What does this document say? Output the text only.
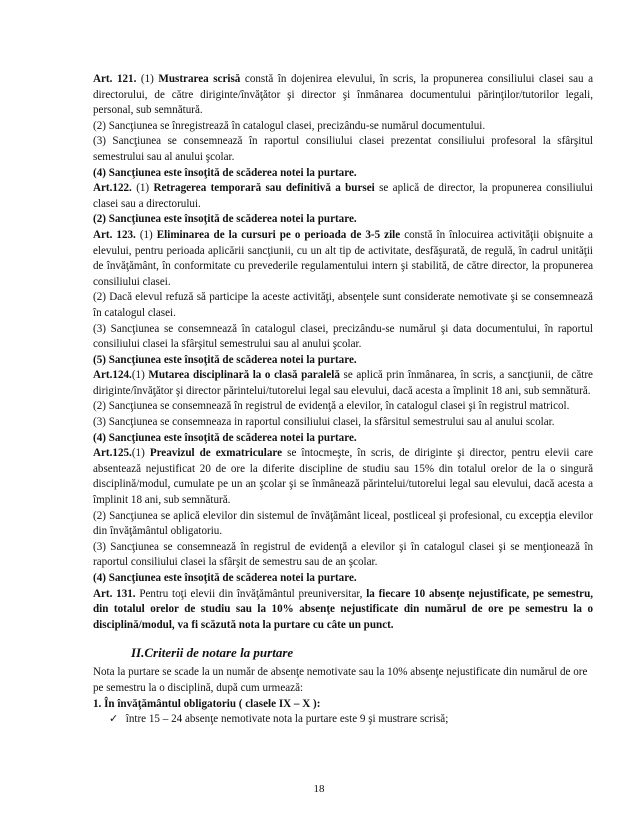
Art. 121. (1) Mustrarea scrisă constă în dojenirea elevului, în scris, la propunerea consiliului clasei sau a directorului, de către diriginte/învăţător şi director şi înmânarea documentului părinţilor/tutorilor legali, personal, sub semnătură.

(2) Sancţiunea se înregistrează în catalogul clasei, precizându-se numărul documentului.

(3) Sancţiunea se consemnează în raportul consiliului clasei prezentat consiliului profesoral la sfârşitul semestrului sau al anului şcolar.

(4) Sancţiunea este însoţită de scăderea notei la purtare.

Art.122. (1) Retragerea temporară sau definitivă a bursei se aplică de director, la propunerea consiliului clasei sau a directorului.

(2) Sancţiunea este însoţită de scăderea notei la purtare.

Art. 123. (1) Eliminarea de la cursuri pe o perioada de 3-5 zile constă în înlocuirea activităţii obişnuite a elevului, pentru perioada aplicării sancţiunii, cu un alt tip de activitate, desfăşurată, de regulă, în cadrul unităţii de învăţământ, în conformitate cu prevederile regulamentului intern şi stabilită, de către director, la propunerea consiliului clasei.

(2) Dacă elevul refuză să participe la aceste activităţi, absenţele sunt considerate nemotivate şi se consemnează în catalogul clasei.

(3) Sancţiunea se consemnează în catalogul clasei, precizându-se numărul şi data documentului, în raportul consiliului clasei la sfârşitul semestrului sau al anului şcolar.

(5) Sancţiunea este însoţită de scăderea notei la purtare.

Art.124.(1) Mutarea disciplinară la o clasă paralelă se aplică prin înmânarea, în scris, a sancţiunii, de către diriginte/învăţător şi director părintelui/tutorelui legal sau elevului, dacă acesta a împlinit 18 ani, sub semnătură.

(2) Sancţiunea se consemnează în registrul de evidenţă a elevilor, în catalogul clasei şi în registrul matricol.

(3) Sancţiunea se consemneaza in raportul consiliului clasei, la sfârsitul semestrului sau al anului scolar.

(4) Sancţiunea este însoţită de scăderea notei la purtare.

Art.125.(1) Preavizul de exmatriculare se întocmeşte, în scris, de diriginte şi director, pentru elevii care absentează nejustificat 20 de ore la diferite discipline de studiu sau 15% din totalul orelor de la o singură disciplină/modul, cumulate pe un an şcolar şi se înmânează părintelui/tutorelui legal sau elevului, dacă acesta a împlinit 18 ani, sub semnătură.

(2) Sancţiunea se aplică elevilor din sistemul de învăţământ liceal, postliceal şi profesional, cu excepţia elevilor din învăţământul obligatoriu.

(3) Sancţiunea se consemnează în registrul de evidenţă a elevilor şi în catalogul clasei şi se menţionează în raportul consiliului clasei la sfârşit de semestru sau de an şcolar.

(4) Sancţiunea este însoţită de scăderea notei la purtare.

Art. 131. Pentru toţi elevii din învăţământul preuniversitar, la fiecare 10 absenţe nejustificate, pe semestru, din totalul orelor de studiu sau la 10% absenţe nejustificate din numărul de ore pe semestru la o disciplină/modul, va fi scăzută nota la purtare cu câte un punct.

II.Criterii de notare la purtare

Nota la purtare se scade la un număr de absenţe nemotivate sau la 10% absenţe nejustificate din numărul de ore pe semestru la o disciplină, după cum urmează:

1. În învăţământul obligatoriu ( clasele IX – X ):

✓ între 15 – 24 absenţe nemotivate nota la purtare este 9 şi mustrare scrisă;

18
